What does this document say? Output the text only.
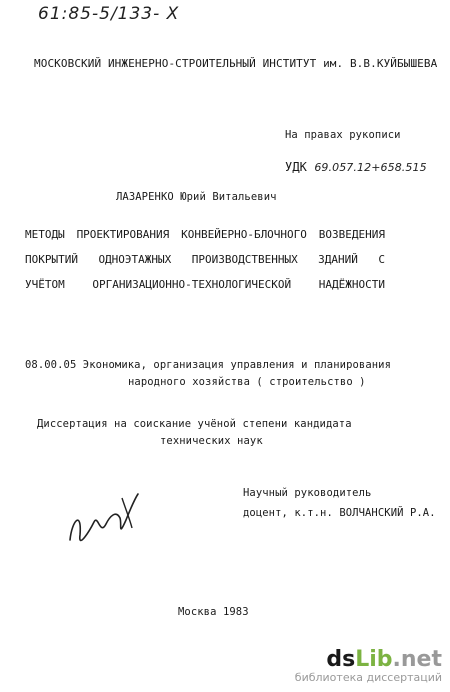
61:85-5/133- Х
МОСКОВСКИЙ ИНЖЕНЕРНО-СТРОИТЕЛЬНЫЙ ИНСТИТУТ им. В.В.КУЙБЫШЕВА
На правах рукописи
УДК 69.057.12+658.515
ЛАЗАРЕНКО Юрий Витальевич
МЕТОДЫ ПРОЕКТИРОВАНИЯ КОНВЕЙЕРНО-БЛОЧНОГО ВОЗВЕДЕНИЯ
ПОКРЫТИЙ ОДНОЭТАЖНЫХ ПРОИЗВОДСТВЕННЫХ ЗДАНИЙ С
УЧЁТОМ	ОРГАНИЗАЦИОННО-ТЕХНОЛОГИЧЕСКОЙ	НАДЁЖНОСТИ
08.00.05 Экономика, организация управления и планирования
народного хозяйства ( строительство )
Диссертация на соискание учёной степени кандидата
технических наук
Научный руководитель
доцент, к.т.н. ВОЛЧАНСКИЙ Р.А.
Москва 1983
dsLib.net
библиотека диссертаций
